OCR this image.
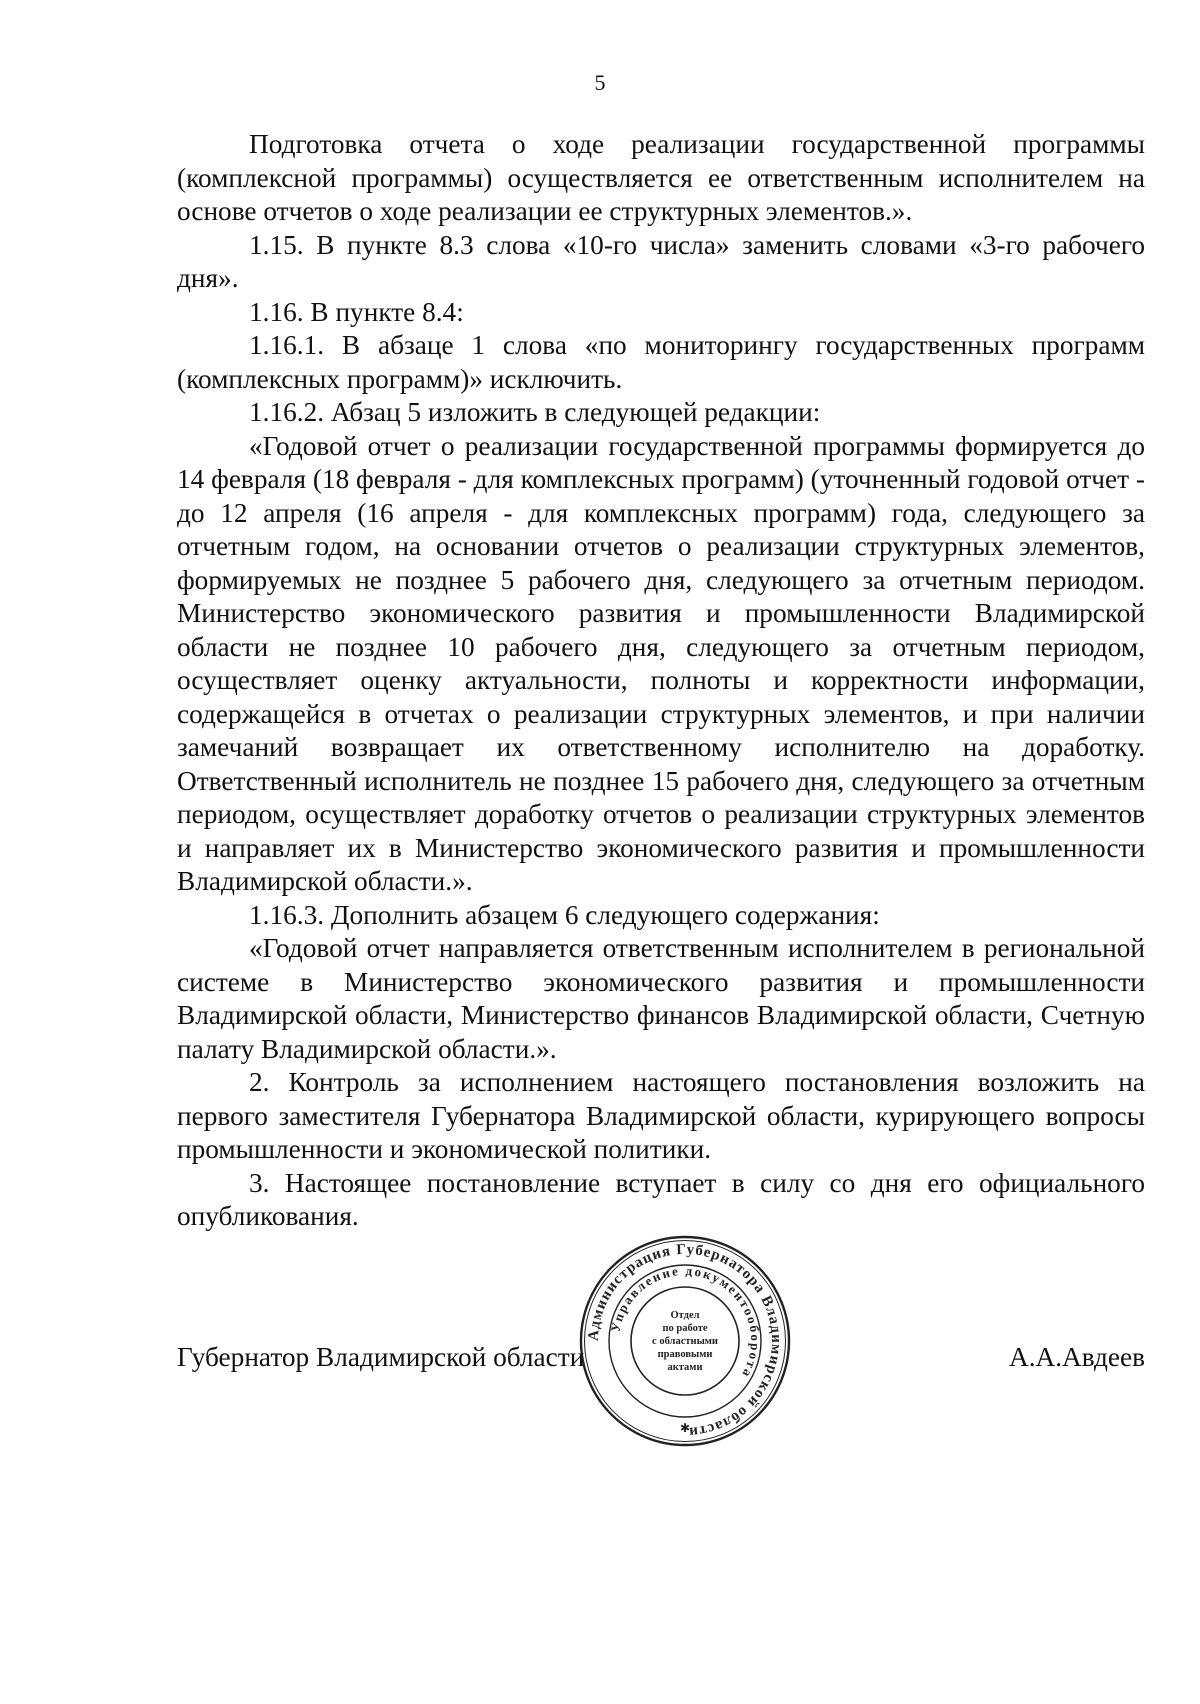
5

Подготовка отчета о ходе реализации государственной программы (комплексной программы) осуществляется ее ответственным исполнителем на основе отчетов о ходе реализации ее структурных элементов.».

1.15. В пункте 8.3 слова «10-го числа» заменить словами «3-го рабочего дня».

1.16. В пункте 8.4:

1.16.1. В абзаце 1 слова «по мониторингу государственных программ (комплексных программ)» исключить.

1.16.2. Абзац 5 изложить в следующей редакции:

«Годовой отчет о реализации государственной программы формируется до 14 февраля (18 февраля - для комплексных программ) (уточненный годовой отчет - до 12 апреля (16 апреля - для комплексных программ) года, следующего за отчетным годом, на основании отчетов о реализации структурных элементов, формируемых не позднее 5 рабочего дня, следующего за отчетным периодом. Министерство экономического развития и промышленности Владимирской области не позднее 10 рабочего дня, следующего за отчетным периодом, осуществляет оценку актуальности, полноты и корректности информации, содержащейся в отчетах о реализации структурных элементов, и при наличии замечаний возвращает их ответственному исполнителю на доработку. Ответственный исполнитель не позднее 15 рабочего дня, следующего за отчетным периодом, осуществляет доработку отчетов о реализации структурных элементов и направляет их в Министерство экономического развития и промышленности Владимирской области.».

1.16.3. Дополнить абзацем 6 следующего содержания:

«Годовой отчет направляется ответственным исполнителем в региональной системе в Министерство экономического развития и промышленности Владимирской области, Министерство финансов Владимирской области, Счетную палату Владимирской области.».

2. Контроль за исполнением настоящего постановления возложить на первого заместителя Губернатора Владимирской области, курирующего вопросы промышленности и экономической политики.

3. Настоящее постановление вступает в силу со дня его официального опубликования.

Губернатор Владимирской области	А.А.Авдеев
Администрация Губернатора Владимирской области
Управление документооборота
Отдел
по работе
с областными
правовыми
актами
✱
